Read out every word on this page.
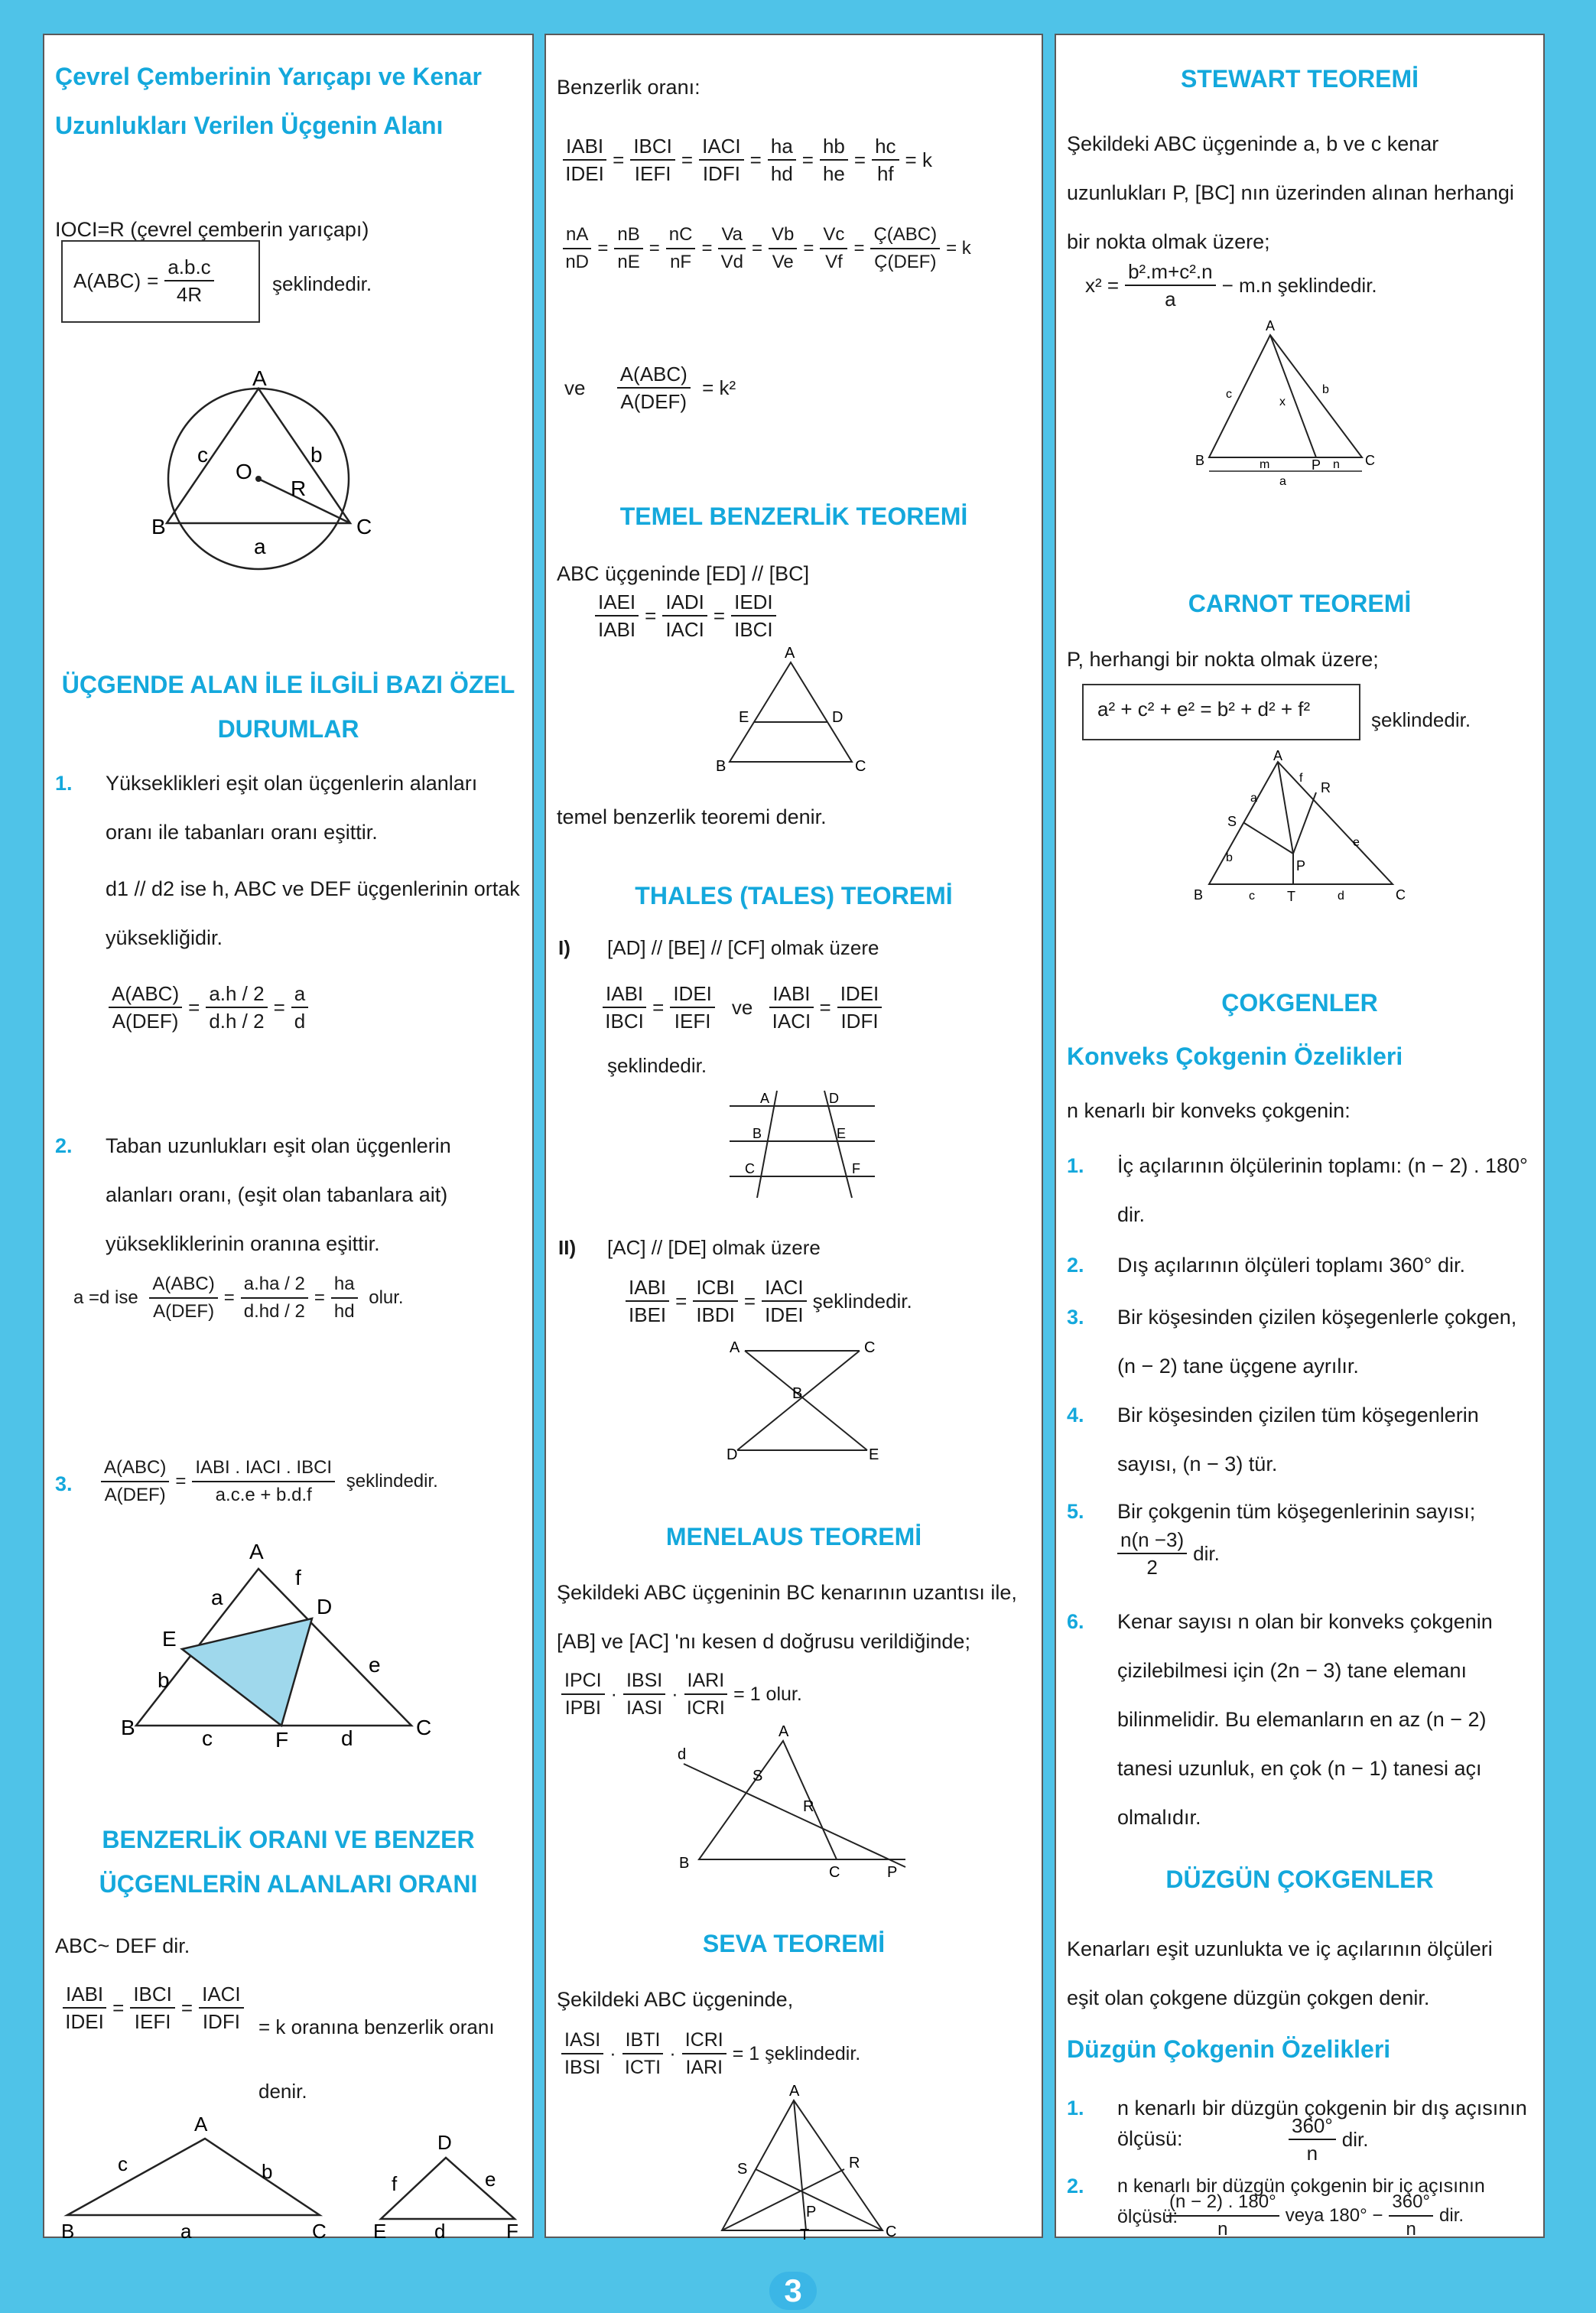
Çevrel Çemberinin Yarıçapı ve Kenar Uzunlukları Verilen Üçgenin Alanı
IOCI=R (çevrel çemberin yarıçapı)
$A(ABC) = \frac{a.b.c}{4R}$	şeklindedir.
A
B	C
O
R
c	b
a
ÜÇGENDE ALAN İLE İLGİLİ BAZI ÖZEL DURUMLAR
1. Yükseklikleri eşit olan üçgenlerin alanları oranı ile tabanları oranı eşittir.
d1 // d2 ise h, ABC ve DEF üçgenlerinin ortak yüksekliğidir.
$\frac{\text{A(ABC)}}{\text{A(DEF)}} = \frac{a.h / 2}{d.h / 2} = \frac{a}{d}$
2. Taban uzunlukları eşit olan üçgenlerin alanları oranı, (eşit olan tabanlara ait) yüksekliklerinin oranına eşittir.
a =d ise $\frac{\text{A(ABC)}}{\text{A(DEF)}} = \frac{a.ha / 2}{d.hd / 2} = \frac{ha}{hd}$ olur.
3. $\frac{\text{A(ABC)}}{\text{A(DEF)}} = \frac{\text{IABI . IACI . IBCI}}{a.c.e + b.d.f}$ şeklindedir.
A
B	C
E
D
F
a
b
c	d
e
f
BENZERLİK ORANI VE BENZER ÜÇGENLERİN ALANLARI ORANI
ABC~ DEF dir.
$\frac{\text{IABI}}{\text{IDEI}} = \frac{\text{IBCI}}{\text{IEFI}} = \frac{\text{IACI}}{\text{IDFI}} = k$ oranına benzerlik oranı denir.
A
B	C
c	b
a
D
E	F
f	e
d
Benzerlik oranı:
$\frac{\text{IABI}}{\text{IDEI}} = \frac{\text{IBCI}}{\text{IEFI}} = \frac{\text{IACI}}{\text{IDFI}} = \frac{ha}{hd} = \frac{hb}{he} = \frac{hc}{hf} = k$
$\frac{nA}{nD} = \frac{nB}{nE} = \frac{nC}{nF} = \frac{Va}{Vd} = \frac{Vb}{Ve} = \frac{Vc}{Vf} = \frac{\text{Ç(ABC)}}{\text{Ç(DEF)}} = k$
ve $\frac{\text{A(ABC)}}{\text{A(DEF)}} = k^2$
TEMEL BENZERLİK TEOREMİ
ABC üçgeninde [ED] // [BC]
$\frac{\text{IAEI}}{\text{IABI}} = \frac{\text{IADI}}{\text{IACI}} = \frac{\text{IEDI}}{\text{IBCI}}$
A
B	C
E	D
temel benzerlik teoremi denir.
THALES (TALES) TEOREMİ
I) [AD] // [BE] // [CF] olmak üzere
$\frac{\text{IABI}}{\text{IBCI}} = \frac{\text{IDEI}}{\text{IEFI}}$ ve $\frac{\text{IABI}}{\text{IACI}} = \frac{\text{IDEI}}{\text{IDFI}}$
şeklindedir.
A	D
B	E
C	F
II) [AC] // [DE] olmak üzere
$\frac{\text{IABI}}{\text{IBEI}} = \frac{\text{ICBI}}{\text{IBDI}} = \frac{\text{IACI}}{\text{IDEI}}$ şeklindedir.
A	C
B
D	E
MENELAUS TEOREMİ
Şekildeki ABC üçgeninin BC kenarının uzantısı ile, [AB] ve [AC] 'nı kesen d doğrusu verildiğinde;
$\frac{\text{IPCI}}{\text{IPBI}} \cdot \frac{\text{IBSI}}{\text{IASI}} \cdot \frac{\text{IARI}}{\text{ICRI}} = 1$ olur.
A
B
C	P
S
R
d
SEVA TEOREMİ
Şekildeki ABC üçgeninde,
$\frac{\text{IASI}}{\text{IBSI}} \cdot \frac{\text{IBTI}}{\text{ICTI}} \cdot \frac{\text{ICRI}}{\text{IARI}} = 1$ şeklindedir.
A
S	R
P
C
T
STEWART TEOREMİ
Şekildeki ABC üçgeninde a, b ve c kenar uzunlukları P, [BC] nın üzerinden alınan herhangi bir nokta olmak üzere;
$x^2 = \frac{\text{b².m+c².n}}{a} - m.n$ şeklindedir.
A
B	C
P
c	b
x
m	n
a
CARNOT TEOREMİ
P, herhangi bir nokta olmak üzere;
a² + c² + e² = b² + d² + f²	şeklindedir.
A
B	C
R
S
P
T
a
f
b
e
c	d
ÇOKGENLER
Konveks Çokgenin Özelikleri
n kenarlı bir konveks çokgenin:
1. İç açılarının ölçülerinin toplamı: (n − 2) . 180° dir.
2. Dış açılarının ölçüleri toplamı 360° dir.
3. Bir köşesinden çizilen köşegenlerle çokgen, (n − 2) tane üçgene ayrılır.
4. Bir köşesinden çizilen tüm köşegenlerin sayısı, (n − 3) tür.
5. Bir çokgenin tüm köşegenlerinin sayısı;
$\frac{n(n -3)}{2}$ dir.
6. Kenar sayısı n olan bir konveks çokgenin çizilebilmesi için (2n − 3) tane elemanı bilinmelidir. Bu elemanların en az (n − 2) tanesi uzunluk, en çok (n − 1) tanesi açı olmalıdır.
DÜZGÜN ÇOKGENLER
Kenarları eşit uzunlukta ve iç açılarının ölçüleri eşit olan çokgene düzgün çokgen denir.
Düzgün Çokgenin Özelikleri
1. n kenarlı bir düzgün çokgenin bir dış açısının ölçüsü:	$\frac{360^\circ}{n}$ dir.
2. n kenarlı bir düzgün çokgenin bir iç açısının ölçüsü:
$\frac{(n - 2) . 180^\circ}{n}$ veya $180^\circ - \frac{360^\circ}{n}$ dir.
3
